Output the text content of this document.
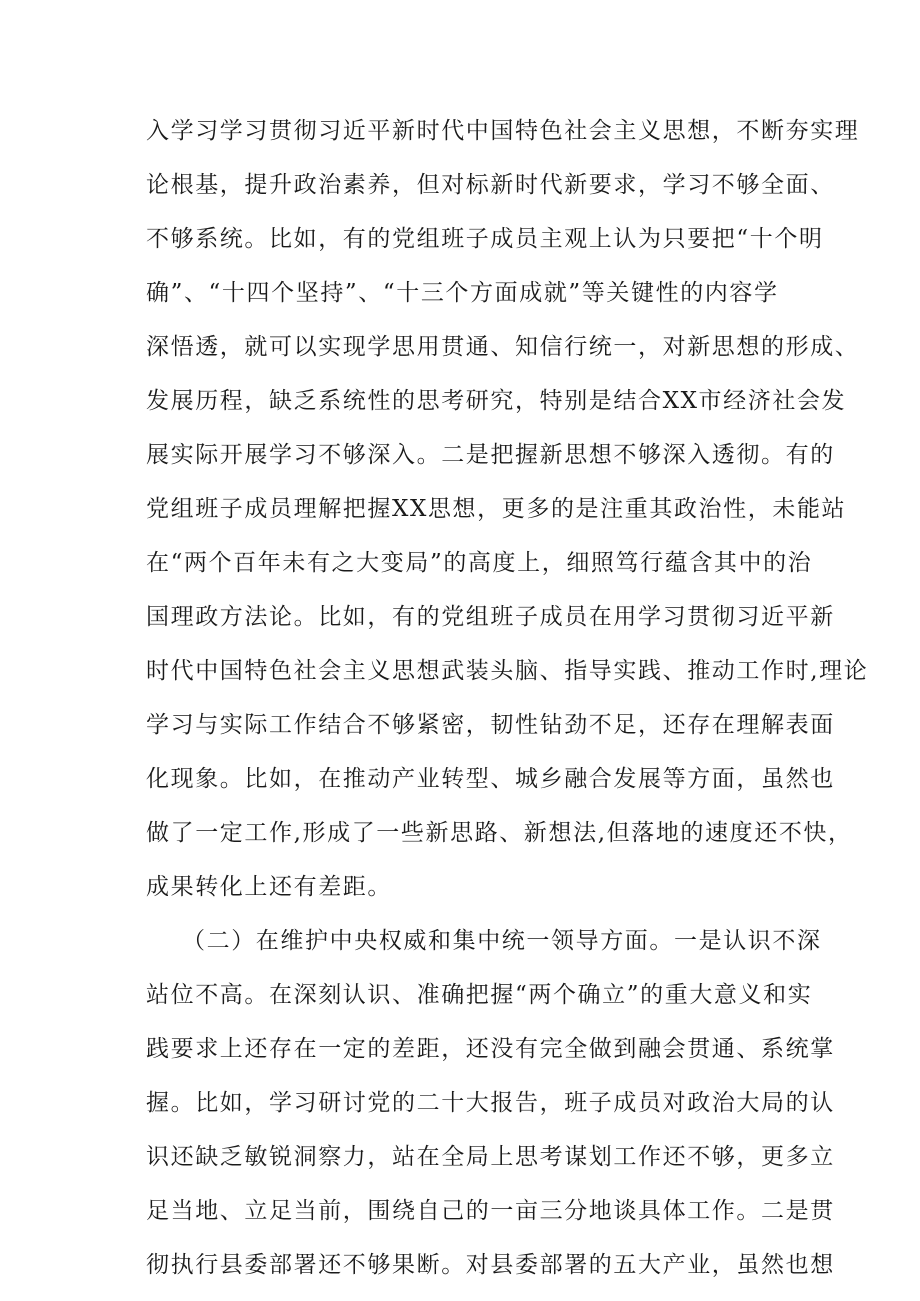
入学习学习贯彻习近平新时代中国特色社会主义思想，不断夯实理
论根基，提升政治素养，但对标新时代新要求，学习不够全面、
不够系统。比如，有的党组班子成员主观上认为只要把“十个明
确”、“十四个坚持”、“十三个方面成就”等关键性的内容学
深悟透，就可以实现学思用贯通、知信行统一，对新思想的形成、
发展历程，缺乏系统性的思考研究，特别是结合XX市经济社会发
展实际开展学习不够深入。二是把握新思想不够深入透彻。有的
党组班子成员理解把握XX思想，更多的是注重其政治性，未能站
在“两个百年未有之大变局”的高度上，细照笃行蕴含其中的治
国理政方法论。比如，有的党组班子成员在用学习贯彻习近平新
时代中国特色社会主义思想武装头脑、指导实践、推动工作时,理论
学习与实际工作结合不够紧密，韧性钻劲不足，还存在理解表面
化现象。比如，在推动产业转型、城乡融合发展等方面，虽然也
做了一定工作,形成了一些新思路、新想法,但落地的速度还不快，
成果转化上还有差距。
（二）在维护中央权威和集中统一领导方面。一是认识不深
站位不高。在深刻认识、准确把握“两个确立”的重大意义和实
践要求上还存在一定的差距，还没有完全做到融会贯通、系统掌
握。比如，学习研讨党的二十大报告，班子成员对政治大局的认
识还缺乏敏锐洞察力，站在全局上思考谋划工作还不够，更多立
足当地、立足当前，围绕自己的一亩三分地谈具体工作。二是贯
彻执行县委部署还不够果断。对县委部署的五大产业，虽然也想
